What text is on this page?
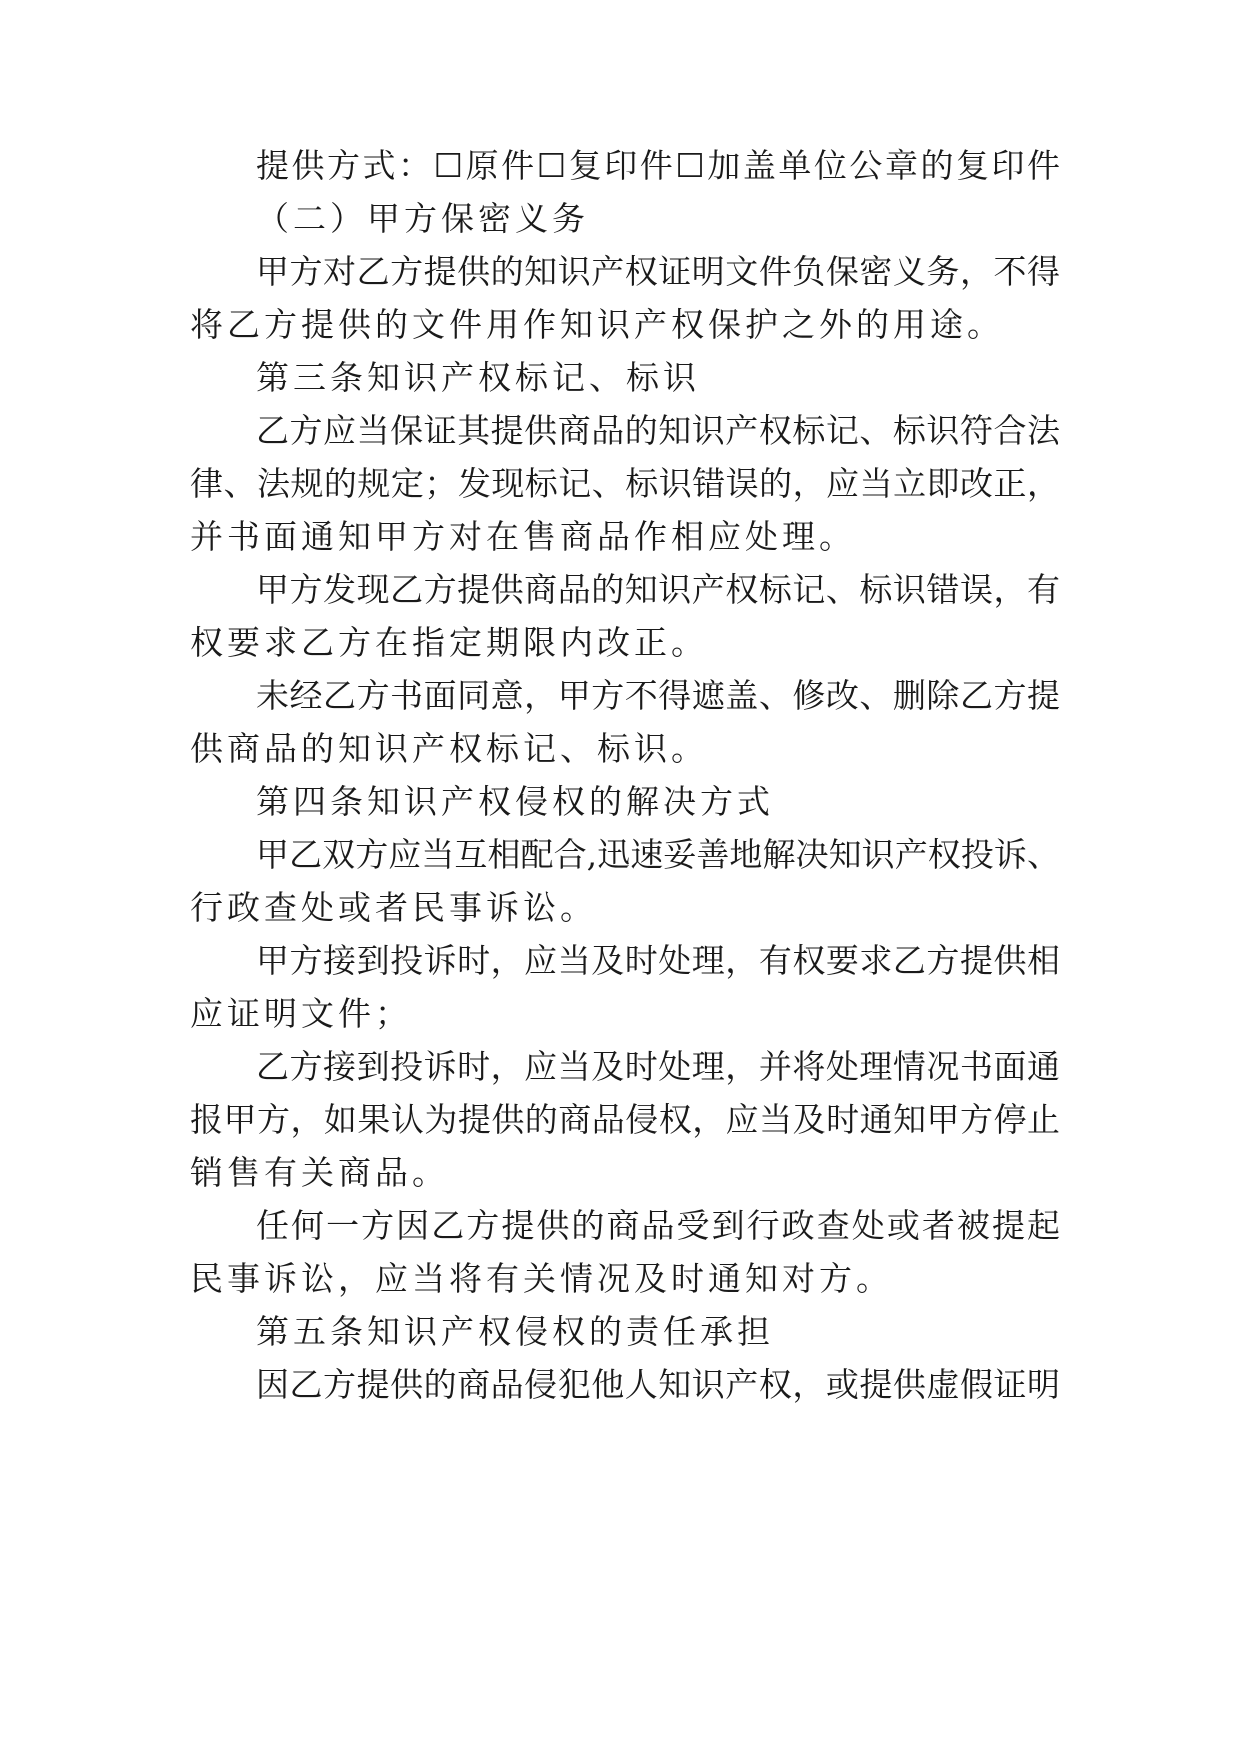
提供方式：☐原件☐复印件☐加盖单位公章的复印件
（二）甲方保密义务
甲方对乙方提供的知识产权证明文件负保密义务，不得
将乙方提供的文件用作知识产权保护之外的用途。
第三条知识产权标记、标识
乙方应当保证其提供商品的知识产权标记、标识符合法
律、法规的规定；发现标记、标识错误的，应当立即改正，
并书面通知甲方对在售商品作相应处理。
甲方发现乙方提供商品的知识产权标记、标识错误，有
权要求乙方在指定期限内改正。
未经乙方书面同意，甲方不得遮盖、修改、删除乙方提
供商品的知识产权标记、标识。
第四条知识产权侵权的解决方式
甲乙双方应当互相配合,迅速妥善地解决知识产权投诉、
行政查处或者民事诉讼。
甲方接到投诉时，应当及时处理，有权要求乙方提供相
应证明文件；
乙方接到投诉时，应当及时处理，并将处理情况书面通
报甲方，如果认为提供的商品侵权，应当及时通知甲方停止
销售有关商品。
任何一方因乙方提供的商品受到行政查处或者被提起
民事诉讼，应当将有关情况及时通知对方。
第五条知识产权侵权的责任承担
因乙方提供的商品侵犯他人知识产权，或提供虚假证明
